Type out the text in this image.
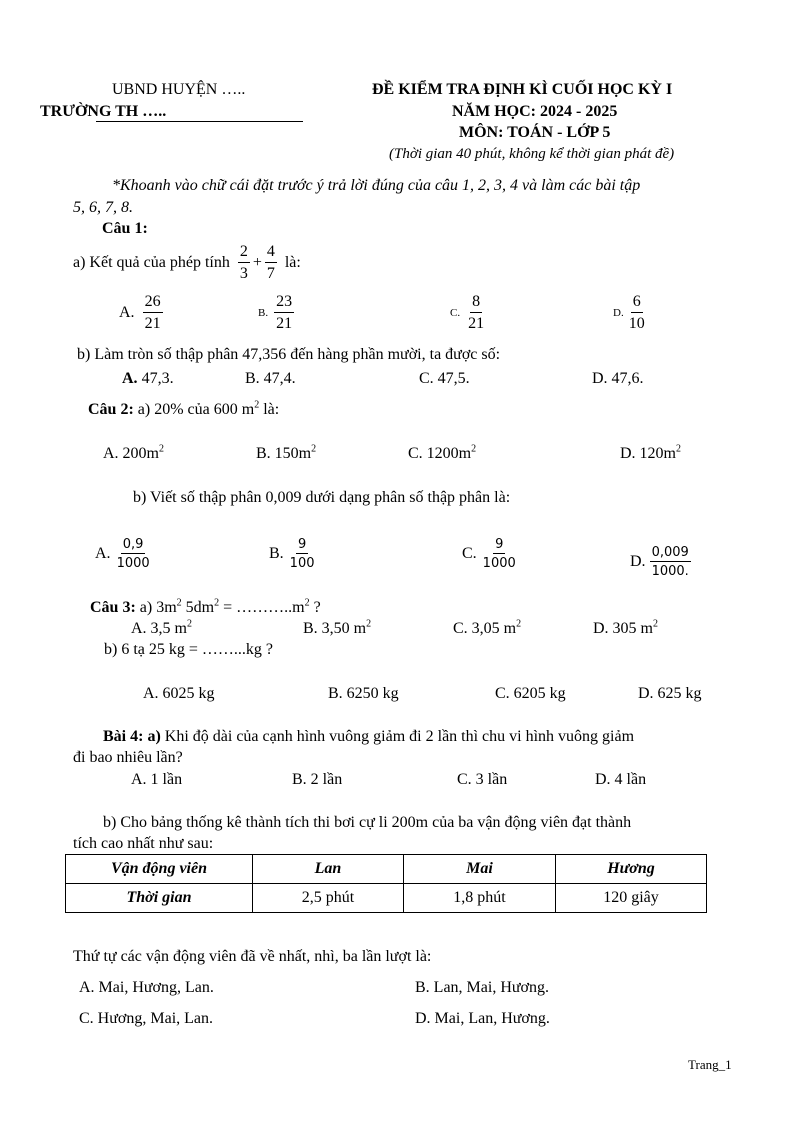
UBND HUYỆN …..
TRƯỜNG TH …..
ĐỀ KIỂM TRA ĐỊNH KÌ CUỐI HỌC KỲ I
NĂM HỌC: 2024 - 2025
MÔN: TOÁN - LỚP 5
(Thời gian 40 phút, không kể thời gian phát đề)
*Khoanh vào chữ cái đặt trước ý trả lời đúng của câu 1, 2, 3, 4 và làm các bài tập
5, 6, 7, 8.
Câu 1:
a) Kết quả của phép tính $\frac{2}{3} + \frac{4}{7}$ là:
A. $\frac{26}{21}$	B. $\frac{23}{21}$	C. $\frac{8}{21}$	D. $\frac{6}{10}$
b) Làm tròn số thập phân 47,356 đến hàng phần mười, ta được số:
A. 47,3.	B. 47,4.	C. 47,5.	D. 47,6.
Câu 2: a) 20% của 600 $m^2$ là:
A. $200m^2$	B. $150m^2$	C. $1200m^2$	D. $120m^2$
b) Viết số thập phân 0,009 dưới dạng phân số thập phân là:
A. $\frac{0,9}{1000}$	B. $\frac{9}{100}$	C. $\frac{9}{1000}$	D. $\frac{0,009}{1000.}$
Câu 3: a) $3m^2$ $5dm^2$ = $\dots\dots\dots..m^2$ ?
A. 3,5 $m^2$	B. 3,50 $m^2$	C. 3,05 $m^2$	D. 305 $m^2$
b) 6 tạ 25 kg = ……...kg ?
A. 6025 kg	B. 6250 kg	C. 6205 kg	D. 625 kg
Bài 4: a) Khi độ dài của cạnh hình vuông giảm đi 2 lần thì chu vi hình vuông giảm
đi bao nhiêu lần?
A. 1 lần	B. 2 lần	C. 3 lần	D. 4 lần
b) Cho bảng thống kê thành tích thi bơi cự li 200m của ba vận động viên đạt thành
tích cao nhất như sau:
Vận động viên	Lan	Mai	Hương
Thời gian	2,5 phút	1,8 phút	120 giây
Thứ tự các vận động viên đã về nhất, nhì, ba lần lượt là:
A. Mai, Hương, Lan.	B. Lan, Mai, Hương.
C. Hương, Mai, Lan.	D. Mai, Lan, Hương.
Trang_1
